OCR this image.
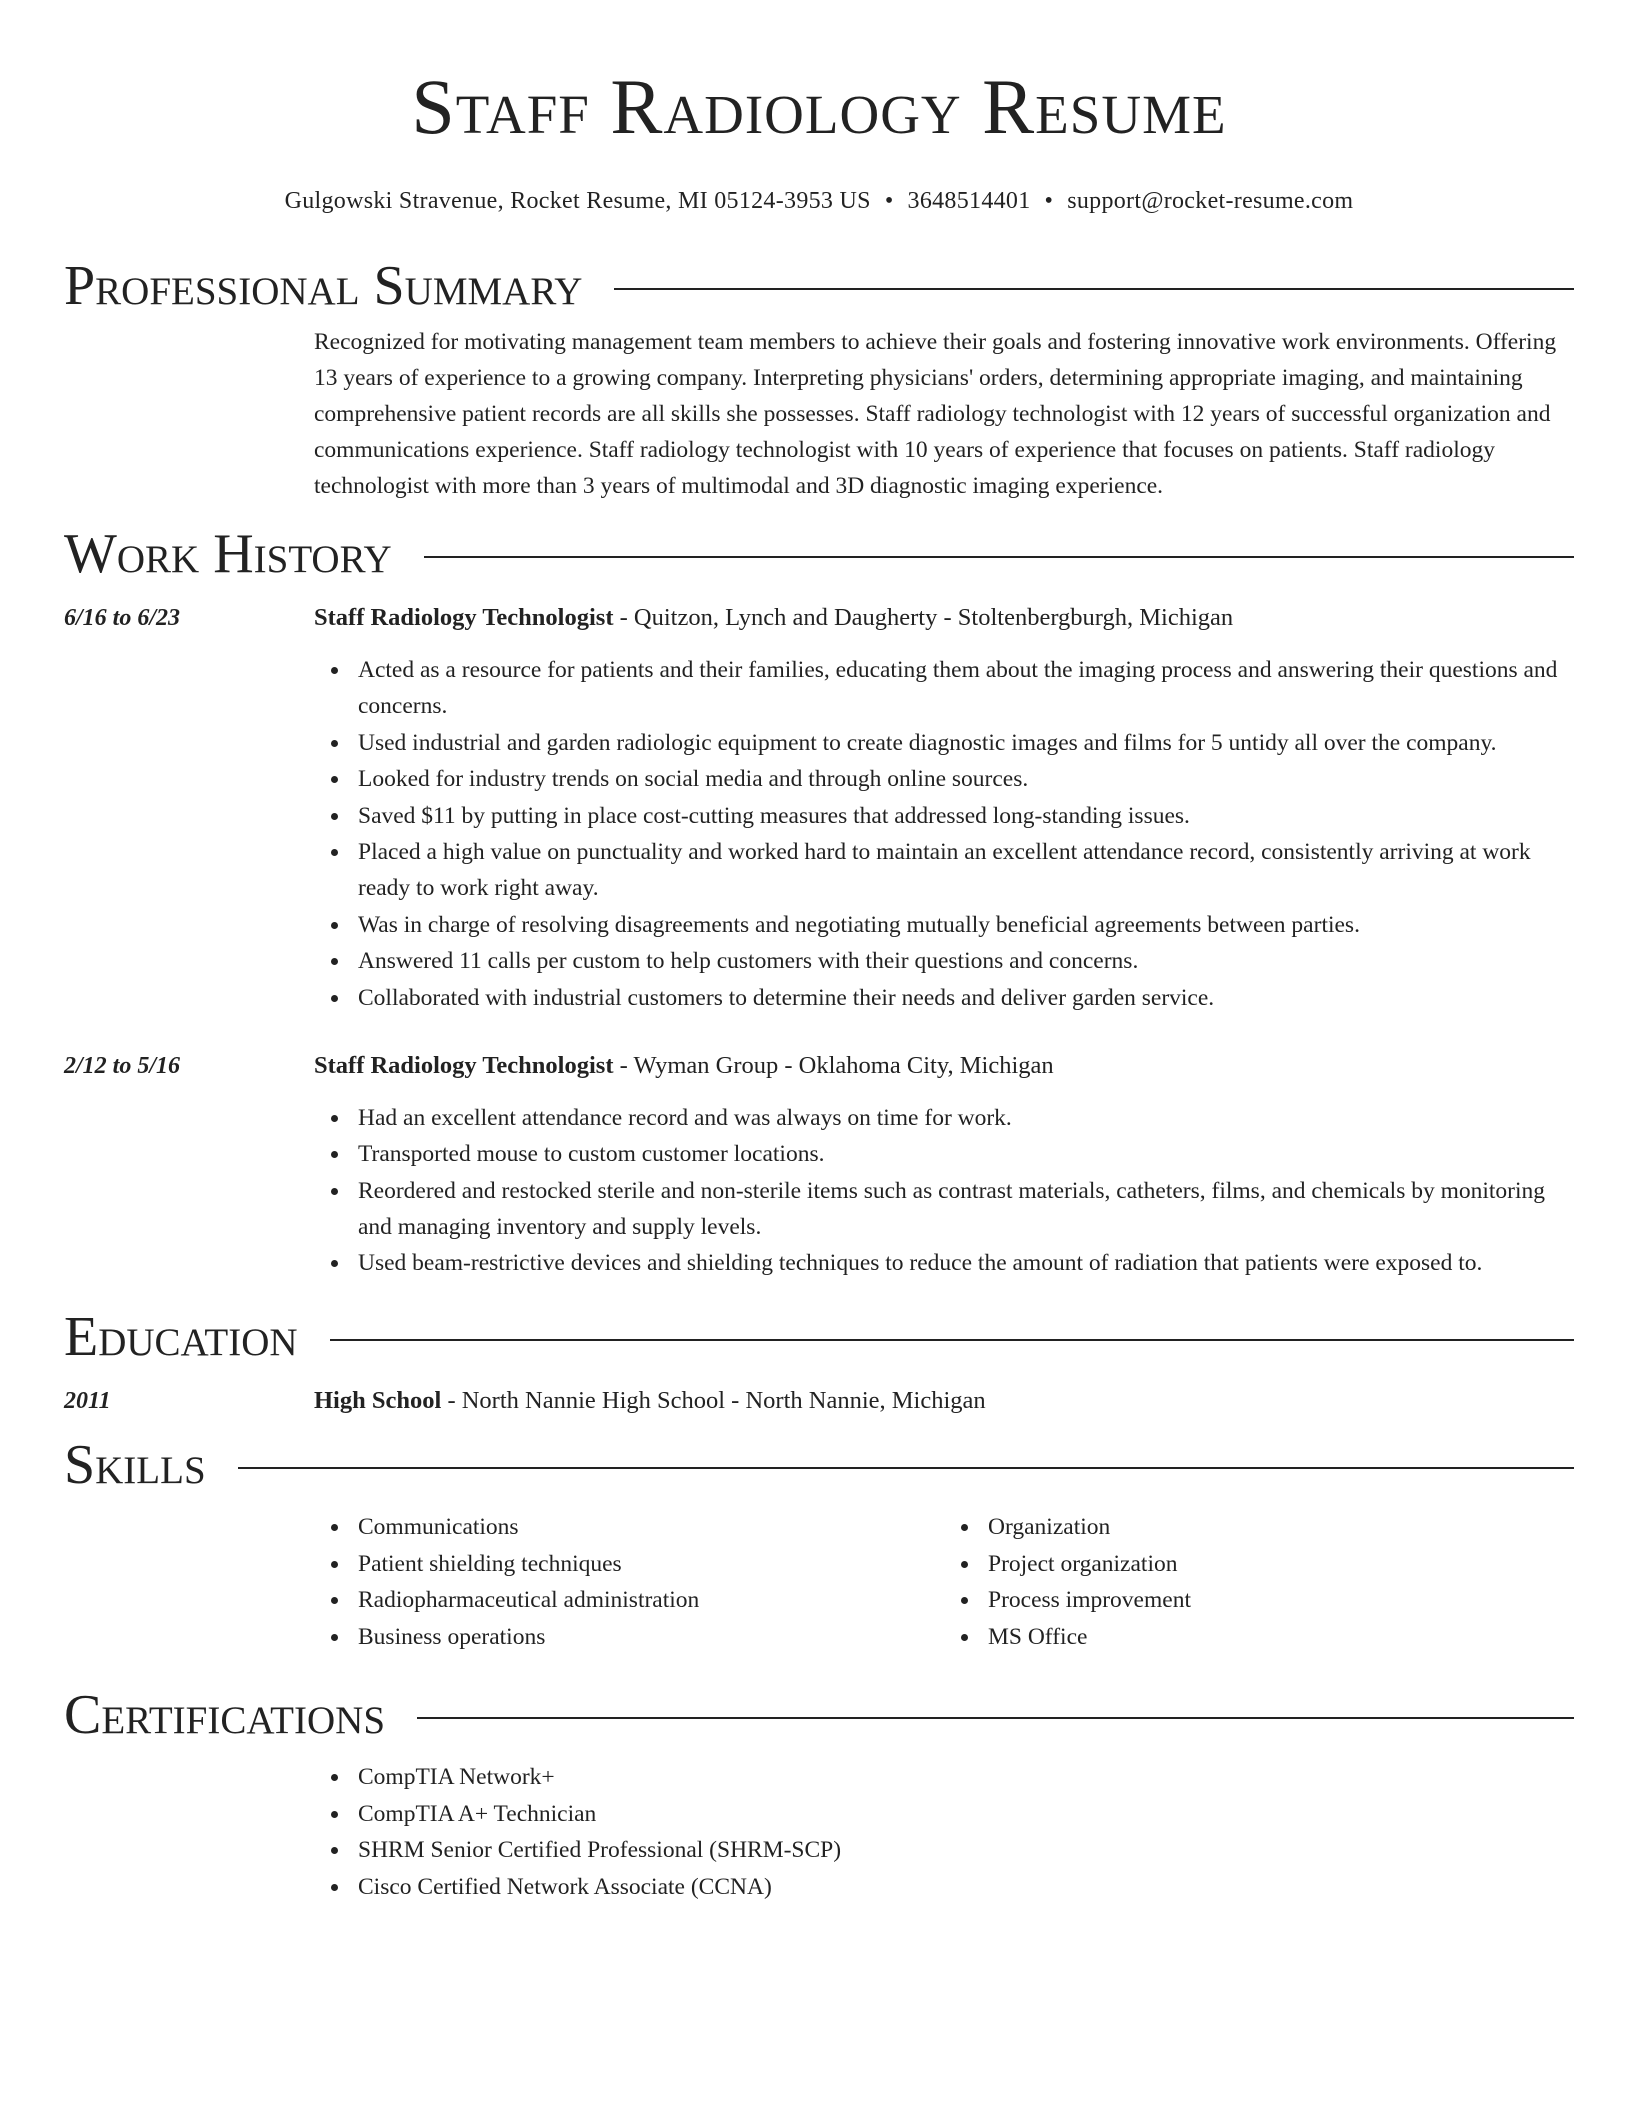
Staff Radiology Resume
Gulgowski Stravenue, Rocket Resume, MI 05124-3953 US • 3648514401 • support@rocket-resume.com
Professional Summary
Recognized for motivating management team members to achieve their goals and fostering innovative work environments. Offering 13 years of experience to a growing company. Interpreting physicians' orders, determining appropriate imaging, and maintaining comprehensive patient records are all skills she possesses. Staff radiology technologist with 12 years of successful organization and communications experience. Staff radiology technologist with 10 years of experience that focuses on patients. Staff radiology technologist with more than 3 years of multimodal and 3D diagnostic imaging experience.
Work History
6/16 to 6/23	Staff Radiology Technologist - Quitzon, Lynch and Daugherty - Stoltenbergburgh, Michigan
Acted as a resource for patients and their families, educating them about the imaging process and answering their questions and concerns.
Used industrial and garden radiologic equipment to create diagnostic images and films for 5 untidy all over the company.
Looked for industry trends on social media and through online sources.
Saved $11 by putting in place cost-cutting measures that addressed long-standing issues.
Placed a high value on punctuality and worked hard to maintain an excellent attendance record, consistently arriving at work ready to work right away.
Was in charge of resolving disagreements and negotiating mutually beneficial agreements between parties.
Answered 11 calls per custom to help customers with their questions and concerns.
Collaborated with industrial customers to determine their needs and deliver garden service.
2/12 to 5/16	Staff Radiology Technologist - Wyman Group - Oklahoma City, Michigan
Had an excellent attendance record and was always on time for work.
Transported mouse to custom customer locations.
Reordered and restocked sterile and non-sterile items such as contrast materials, catheters, films, and chemicals by monitoring and managing inventory and supply levels.
Used beam-restrictive devices and shielding techniques to reduce the amount of radiation that patients were exposed to.
Education
2011	High School - North Nannie High School - North Nannie, Michigan
Skills
Communications
Patient shielding techniques
Radiopharmaceutical administration
Business operations
Organization
Project organization
Process improvement
MS Office
Certifications
CompTIA Network+
CompTIA A+ Technician
SHRM Senior Certified Professional (SHRM-SCP)
Cisco Certified Network Associate (CCNA)
